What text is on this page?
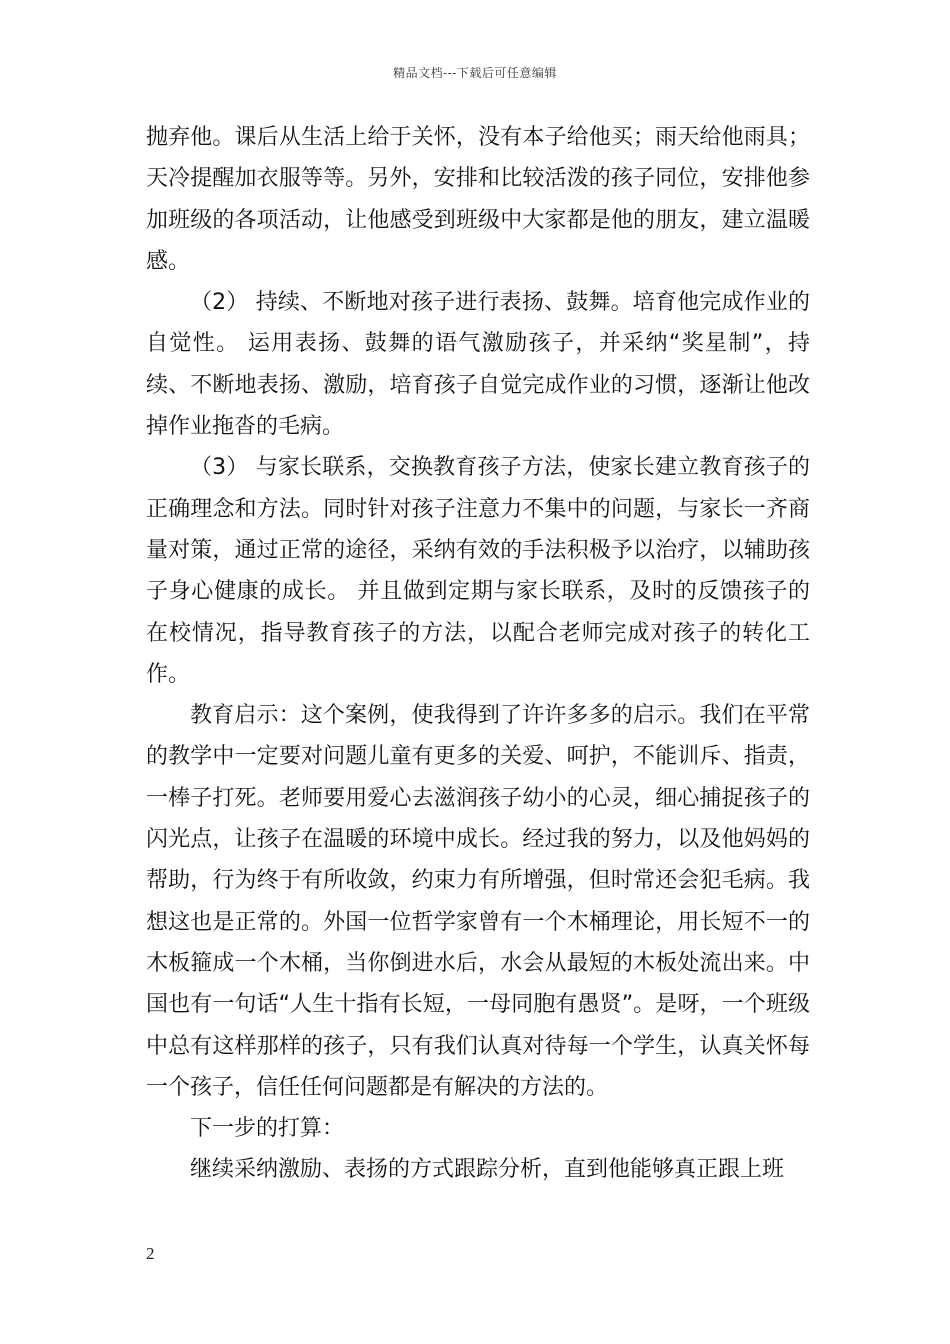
精品文档---下载后可任意编辑

抛弃他。课后从生活上给于关怀，没有本子给他买；雨天给他雨具；天冷提醒加衣服等等。另外，安排和比较活泼的孩子同位，安排他参加班级的各项活动，让他感受到班级中大家都是他的朋友，建立温暖感。

（2） 持续、不断地对孩子进行表扬、鼓舞。培育他完成作业的自觉性。 运用表扬、鼓舞的语气激励孩子，并采纳“奖星制”，持续、不断地表扬、激励，培育孩子自觉完成作业的习惯，逐渐让他改掉作业拖沓的毛病。

（3） 与家长联系，交换教育孩子方法，使家长建立教育孩子的正确理念和方法。同时针对孩子注意力不集中的问题，与家长一齐商量对策，通过正常的途径，采纳有效的手法积极予以治疗，以辅助孩子身心健康的成长。 并且做到定期与家长联系，及时的反馈孩子的在校情况，指导教育孩子的方法，以配合老师完成对孩子的转化工作。

教育启示：这个案例，使我得到了许许多多的启示。我们在平常的教学中一定要对问题儿童有更多的关爱、呵护，不能训斥、指责，一棒子打死。老师要用爱心去滋润孩子幼小的心灵，细心捕捉孩子的闪光点，让孩子在温暖的环境中成长。经过我的努力，以及他妈妈的帮助，行为终于有所收敛，约束力有所增强，但时常还会犯毛病。我想这也是正常的。外国一位哲学家曾有一个木桶理论，用长短不一的木板箍成一个木桶，当你倒进水后，水会从最短的木板处流出来。中国也有一句话“人生十指有长短，一母同胞有愚贤”。是呀，一个班级中总有这样那样的孩子，只有我们认真对待每一个学生，认真关怀每一个孩子，信任任何问题都是有解决的方法的。

下一步的打算：

继续采纳激励、表扬的方式跟踪分析，直到他能够真正跟上班

2
